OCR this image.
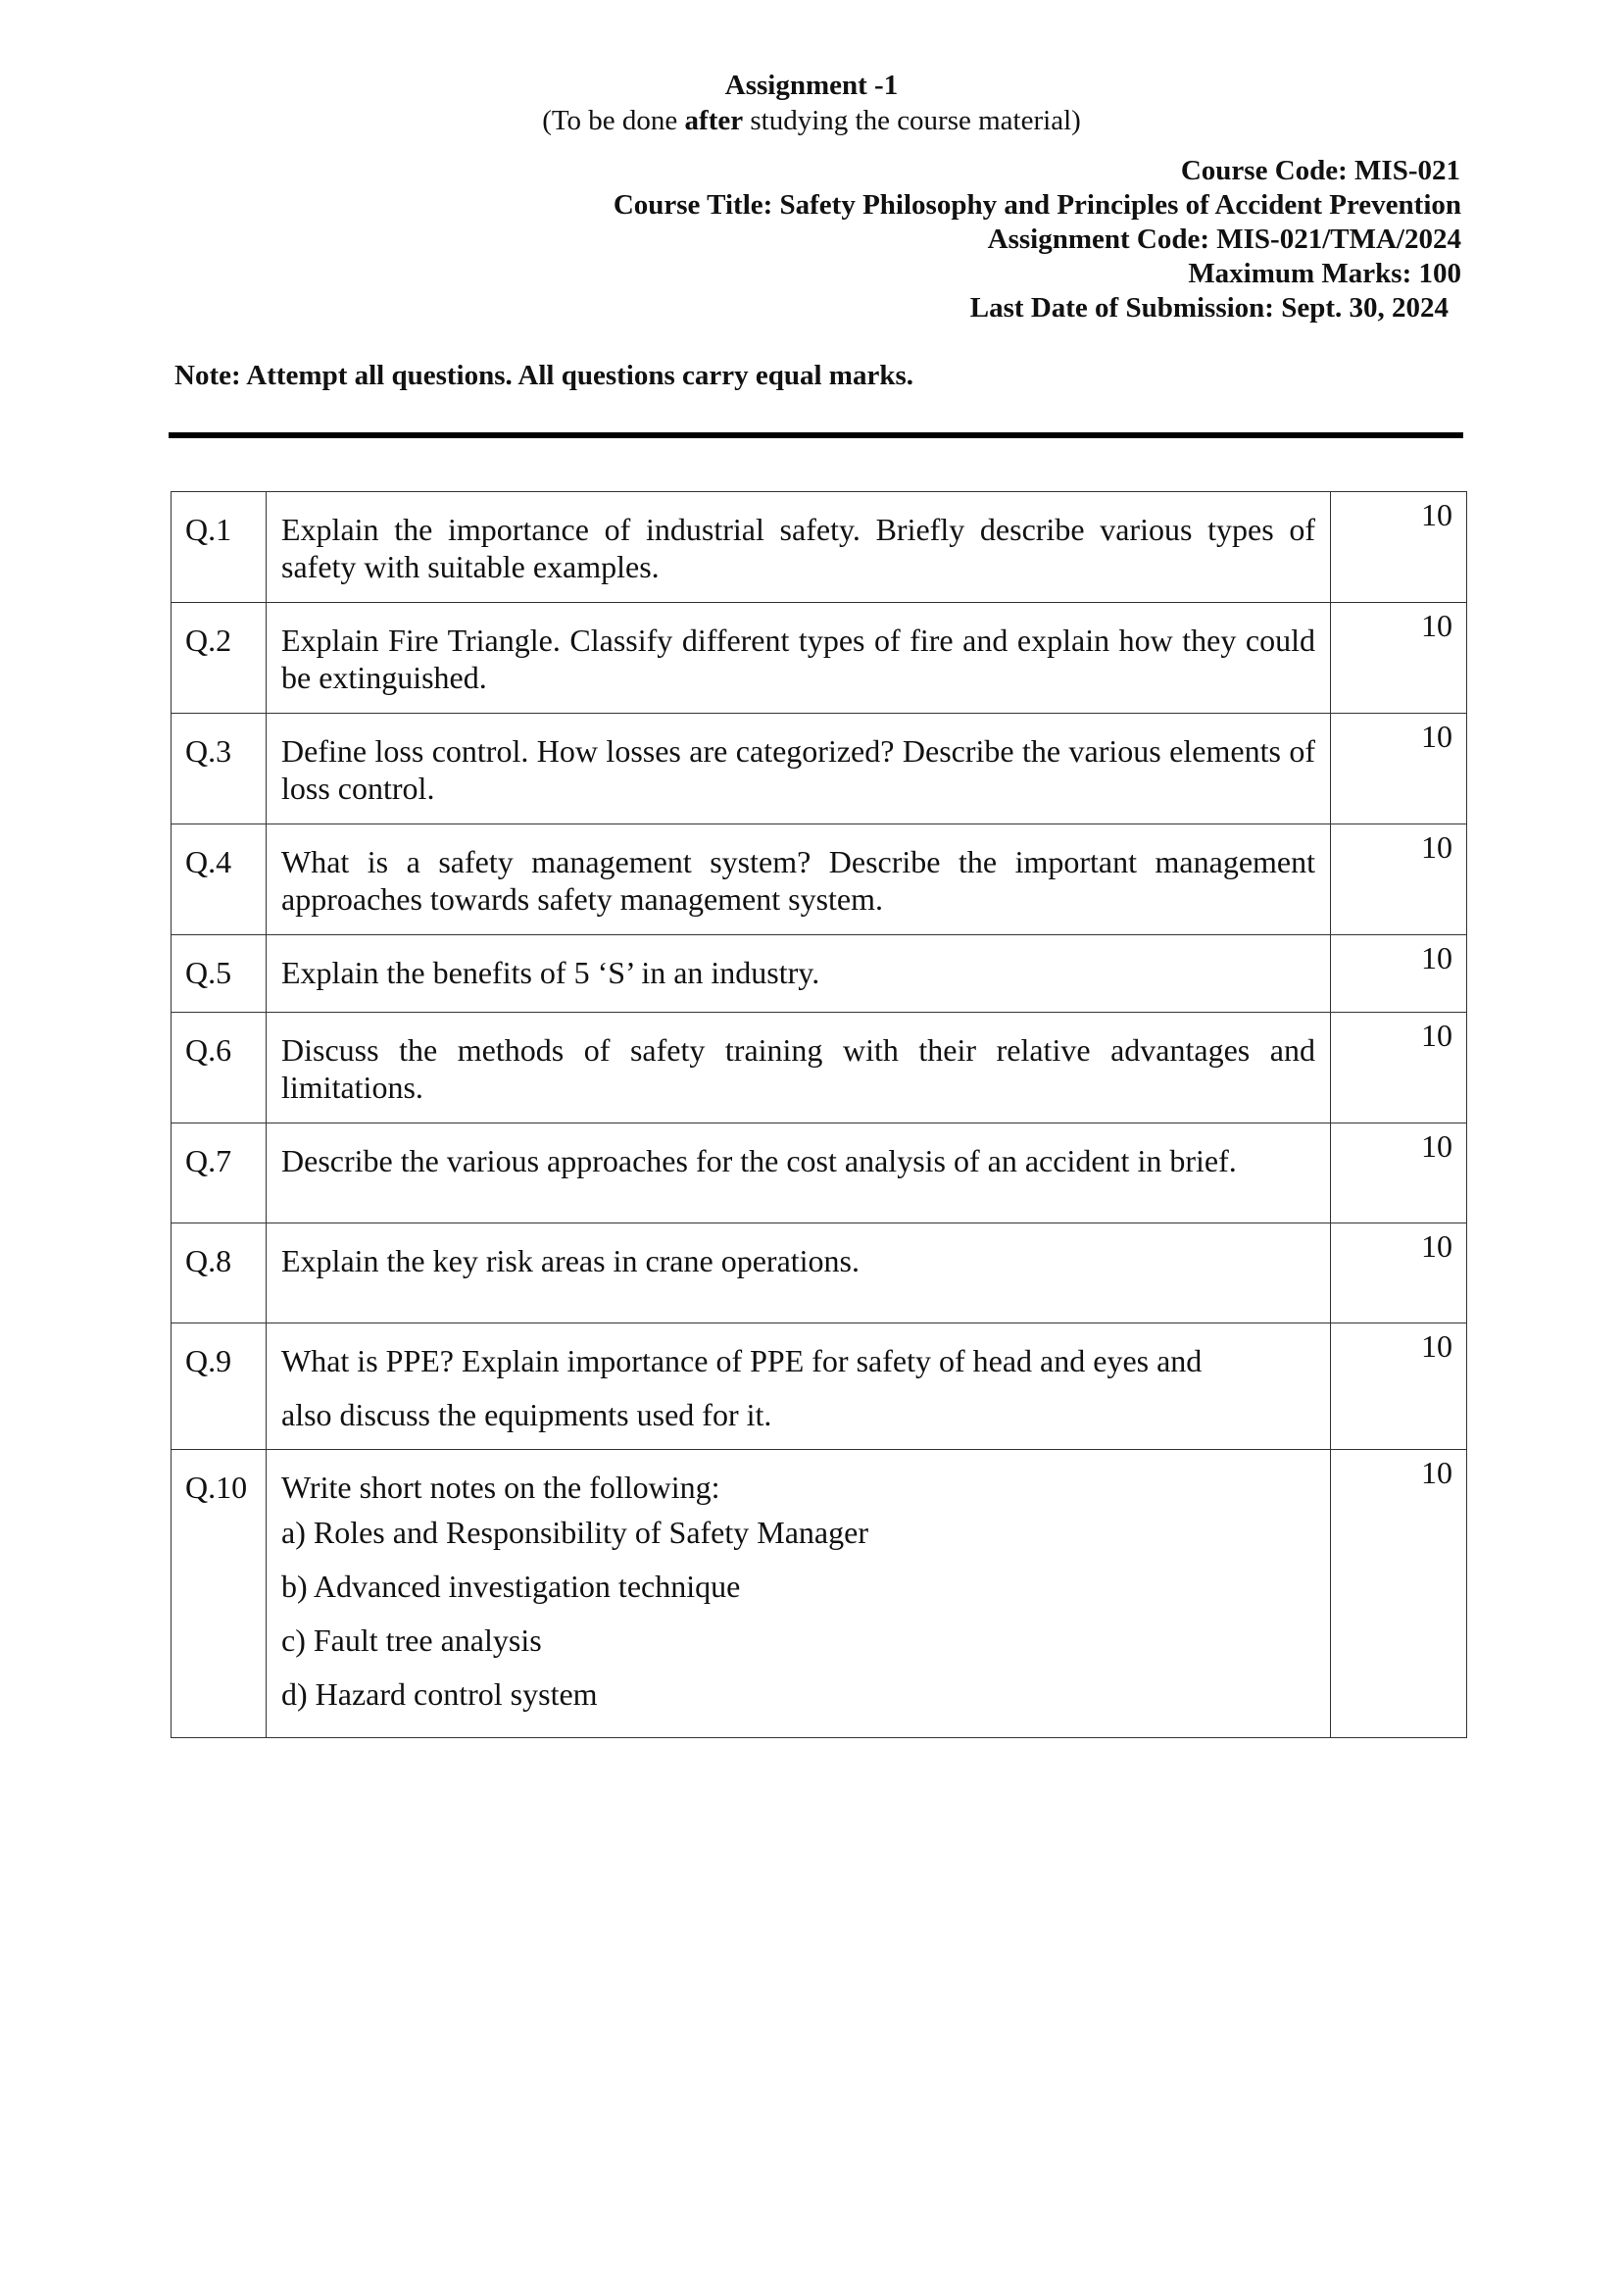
Assignment -1
(To be done after studying the course material)
Course Code: MIS-021
Course Title: Safety Philosophy and Principles of Accident Prevention
Assignment Code: MIS-021/TMA/2024
Maximum Marks: 100
Last Date of Submission: Sept. 30, 2024
Note: Attempt all questions. All questions carry equal marks.
Q.1	Explain the importance of industrial safety. Briefly describe various types of safety with suitable examples.	10
Q.2	Explain Fire Triangle. Classify different types of fire and explain how they could be extinguished.	10
Q.3	Define loss control. How losses are categorized? Describe the various elements of loss control.	10
Q.4	What is a safety management system? Describe the important management approaches towards safety management system.	10
Q.5	Explain the benefits of 5 ‘S’ in an industry.	10
Q.6	Discuss the methods of safety training with their relative advantages and limitations.	10
Q.7	Describe the various approaches for the cost analysis of an accident in brief.	10
Q.8	Explain the key risk areas in crane operations.	10
Q.9	What is PPE? Explain importance of PPE for safety of head and eyes and
also discuss the equipments used for it.	10
Q.10	Write short notes on the following:
a) Roles and Responsibility of Safety Manager
b) Advanced investigation technique
c) Fault tree analysis
d) Hazard control system	10
